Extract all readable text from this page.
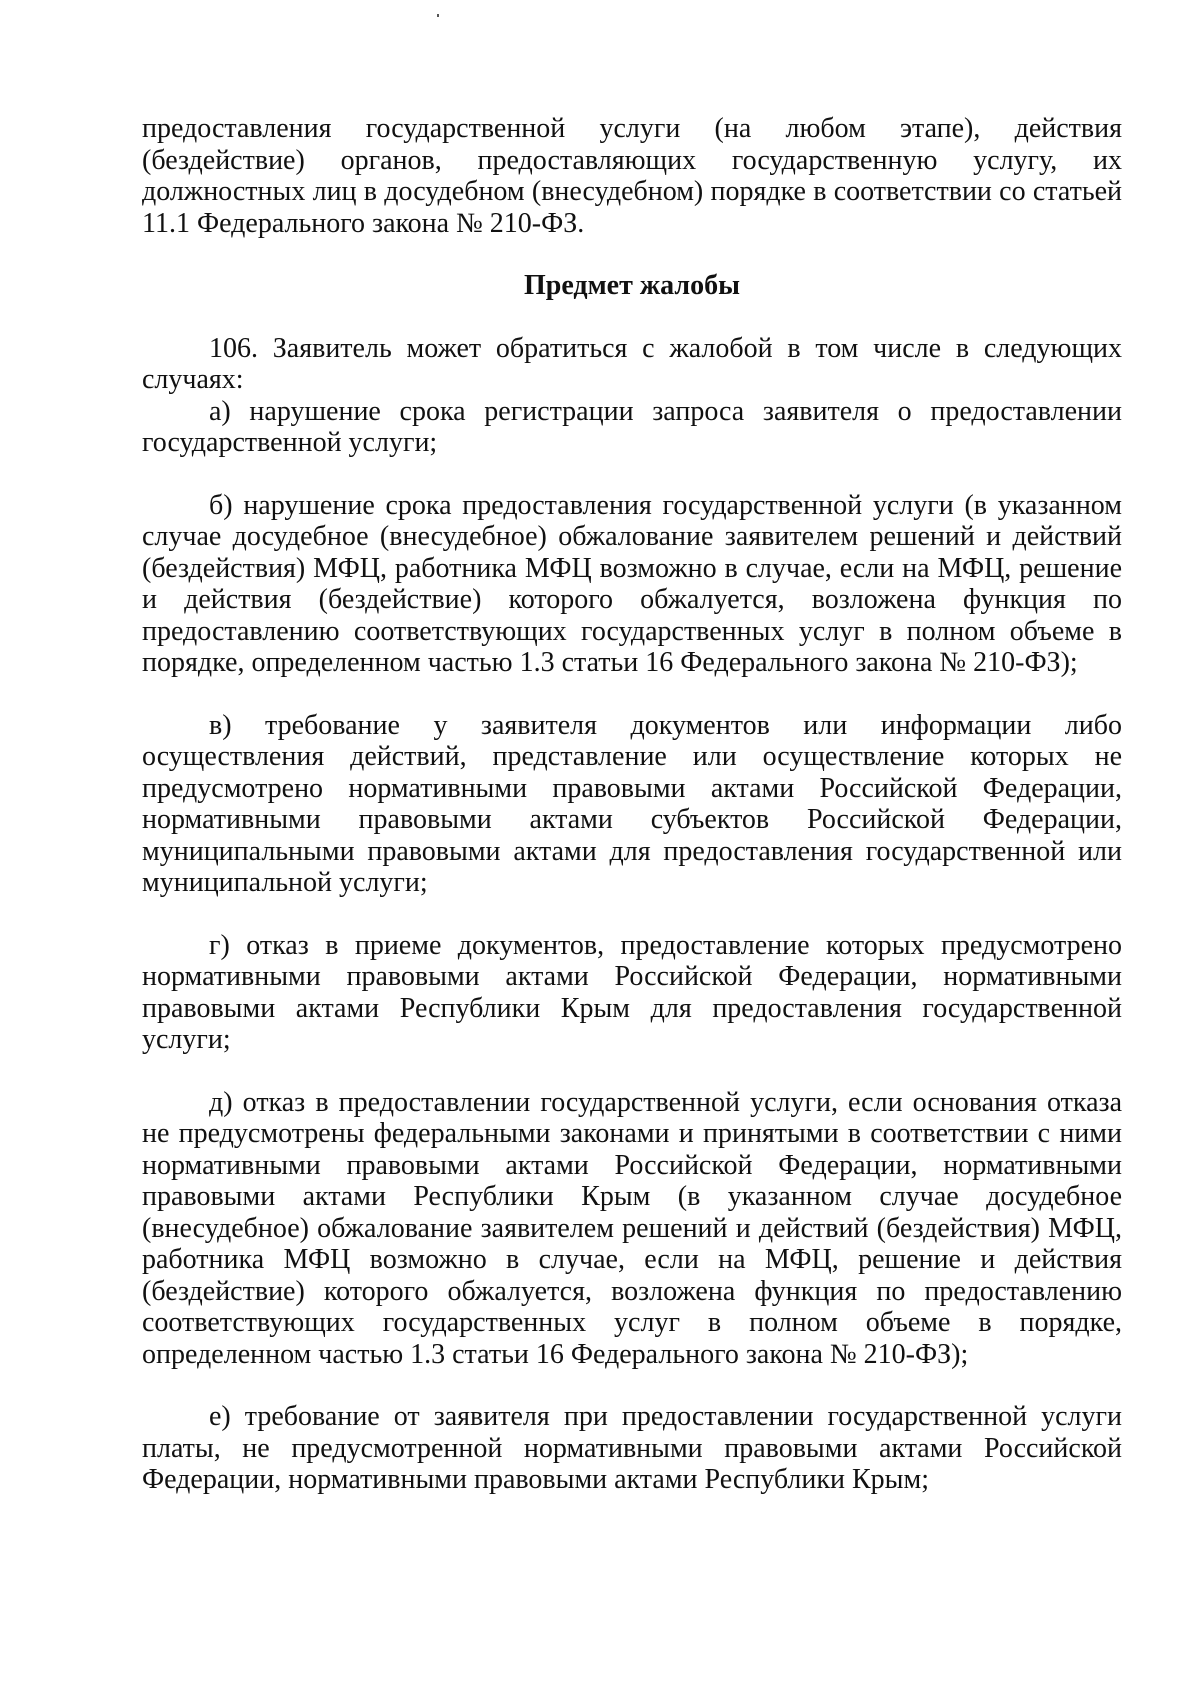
предоставления государственной услуги (на любом этапе), действия (бездействие) органов, предоставляющих государственную услугу, их должностных лиц в досудебном (внесудебном) порядке в соответствии со статьей 11.1 Федерального закона № 210-ФЗ.

Предмет жалобы

106. Заявитель может обратиться с жалобой в том числе в следующих случаях:

а) нарушение срока регистрации запроса заявителя о предоставлении государственной услуги;

б) нарушение срока предоставления государственной услуги (в указанном случае досудебное (внесудебное) обжалование заявителем решений и действий (бездействия) МФЦ, работника МФЦ возможно в случае, если на МФЦ, решение и действия (бездействие) которого обжалуется, возложена функция по предоставлению соответствующих государственных услуг в полном объеме в порядке, определенном частью 1.3 статьи 16 Федерального закона № 210-ФЗ);

в) требование у заявителя документов или информации либо осуществления действий, представление или осуществление которых не предусмотрено нормативными правовыми актами Российской Федерации, нормативными правовыми актами субъектов Российской Федерации, муниципальными правовыми актами для предоставления государственной или муниципальной услуги;

г) отказ в приеме документов, предоставление которых предусмотрено нормативными правовыми актами Российской Федерации, нормативными правовыми актами Республики Крым для предоставления государственной услуги;

д) отказ в предоставлении государственной услуги, если основания отказа не предусмотрены федеральными законами и принятыми в соответствии с ними нормативными правовыми актами Российской Федерации, нормативными правовыми актами Республики Крым (в указанном случае досудебное (внесудебное) обжалование заявителем решений и действий (бездействия) МФЦ, работника МФЦ возможно в случае, если на МФЦ, решение и действия (бездействие) которого обжалуется, возложена функция по предоставлению соответствующих государственных услуг в полном объеме в порядке, определенном частью 1.3 статьи 16 Федерального закона № 210-ФЗ);

е) требование от заявителя при предоставлении государственной услуги платы, не предусмотренной нормативными правовыми актами Российской Федерации, нормативными правовыми актами Республики Крым;
